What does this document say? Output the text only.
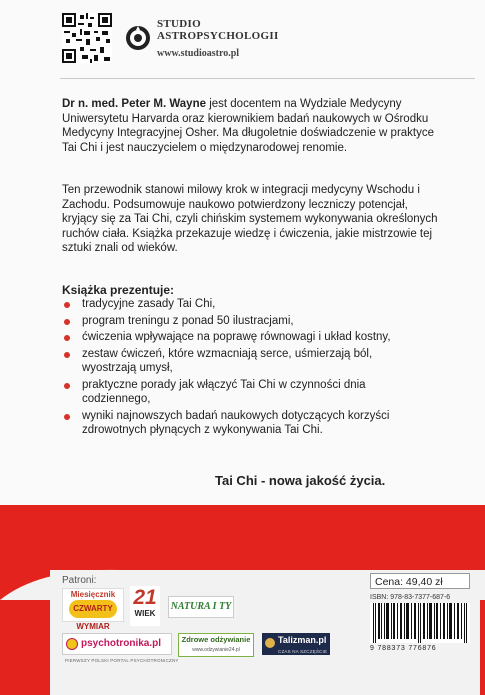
STUDIO
ASTROPSYCHOLOGII
www.studioastro.pl
Dr n. med. Peter M. Wayne jest docentem na Wydziale Medycyny Uniwersytetu Harvarda oraz kierownikiem badań naukowych w Ośrodku Medycyny Integracyjnej Osher. Ma długoletnie doświadczenie w praktyce Tai Chi i jest nauczycielem o międzynarodowej renomie.
Ten przewodnik stanowi milowy krok w integracji medycyny Wschodu i Zachodu. Podsumowuje naukowo potwierdzony leczniczy potencjał, kryjący się za Tai Chi, czyli chińskim systemem wykonywania określonych ruchów ciała. Książka przekazuje wiedzę i ćwiczenia, jakie mistrzowie tej sztuki znali od wieków.
Książka prezentuje:
tradycyjne zasady Tai Chi,
program treningu z ponad 50 ilustracjami,
ćwiczenia wpływające na poprawę równowagi i układ kostny,
zestaw ćwiczeń, które wzmacniają serce, uśmierzają ból, wyostrzają umysł,
praktyczne porady jak włączyć Tai Chi w czynności dnia codziennego,
wyniki najnowszych badań naukowych dotyczących korzyści zdrowotnych płynących z wykonywania Tai Chi.
Tai Chi - nowa jakość życia.
Patroni:
Miesięcznik
CZWARTY WYMIAR
21
WIEK
NATURA I TY
psychotronika.pl
PIERWSZY POLSKI PORTAL PSYCHOTRONICZNY
Zdrowe odżywianie
www.odzywianie24.pl
Talizman.pl
CZAS NA SZCZĘŚCIE
Cena: 49,40 zł
ISBN: 978-83-7377-687-6
9 788373 776876
